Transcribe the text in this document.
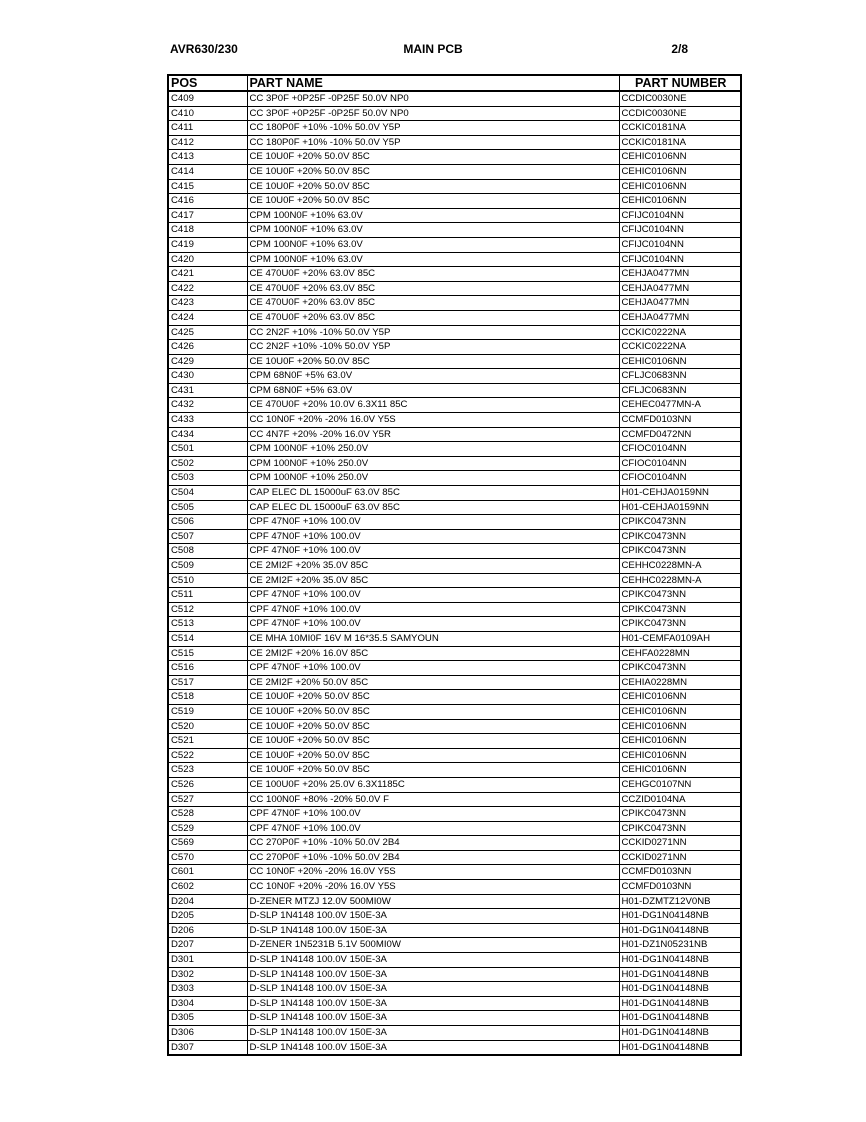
AVR630/230	MAIN PCB	2/8
POS	PART NAME	PART NUMBER
C409	CC 3P0F +0P25F -0P25F 50.0V NP0	CCDIC0030NE
C410	CC 3P0F +0P25F -0P25F 50.0V NP0	CCDIC0030NE
C411	CC 180P0F +10% -10% 50.0V Y5P	CCKIC0181NA
C412	CC 180P0F +10% -10% 50.0V Y5P	CCKIC0181NA
C413	CE 10U0F +20% 50.0V 85C	CEHIC0106NN
C414	CE 10U0F +20% 50.0V 85C	CEHIC0106NN
C415	CE 10U0F +20% 50.0V 85C	CEHIC0106NN
C416	CE 10U0F +20% 50.0V 85C	CEHIC0106NN
C417	CPM 100N0F +10% 63.0V	CFIJC0104NN
C418	CPM 100N0F +10% 63.0V	CFIJC0104NN
C419	CPM 100N0F +10% 63.0V	CFIJC0104NN
C420	CPM 100N0F +10% 63.0V	CFIJC0104NN
C421	CE 470U0F +20% 63.0V 85C	CEHJA0477MN
C422	CE 470U0F +20% 63.0V 85C	CEHJA0477MN
C423	CE 470U0F +20% 63.0V 85C	CEHJA0477MN
C424	CE 470U0F +20% 63.0V 85C	CEHJA0477MN
C425	CC 2N2F +10% -10% 50.0V Y5P	CCKIC0222NA
C426	CC 2N2F +10% -10% 50.0V Y5P	CCKIC0222NA
C429	CE 10U0F +20% 50.0V 85C	CEHIC0106NN
C430	CPM 68N0F +5% 63.0V	CFLJC0683NN
C431	CPM 68N0F +5% 63.0V	CFLJC0683NN
C432	CE 470U0F +20% 10.0V 6.3X11 85C	CEHEC0477MN-A
C433	CC 10N0F +20% -20% 16.0V Y5S	CCMFD0103NN
C434	CC 4N7F +20% -20% 16.0V Y5R	CCMFD0472NN
C501	CPM 100N0F +10% 250.0V	CFIOC0104NN
C502	CPM 100N0F +10% 250.0V	CFIOC0104NN
C503	CPM 100N0F +10% 250.0V	CFIOC0104NN
C504	CAP ELEC DL 15000uF 63.0V 85C	H01-CEHJA0159NN
C505	CAP ELEC DL 15000uF 63.0V 85C	H01-CEHJA0159NN
C506	CPF 47N0F +10% 100.0V	CPIKC0473NN
C507	CPF 47N0F +10% 100.0V	CPIKC0473NN
C508	CPF 47N0F +10% 100.0V	CPIKC0473NN
C509	CE 2MI2F +20% 35.0V 85C	CEHHC0228MN-A
C510	CE 2MI2F +20% 35.0V 85C	CEHHC0228MN-A
C511	CPF 47N0F +10% 100.0V	CPIKC0473NN
C512	CPF 47N0F +10% 100.0V	CPIKC0473NN
C513	CPF 47N0F +10% 100.0V	CPIKC0473NN
C514	CE MHA 10MI0F 16V M 16*35.5 SAMYOUN	H01-CEMFA0109AH
C515	CE 2MI2F +20% 16.0V 85C	CEHFA0228MN
C516	CPF 47N0F +10% 100.0V	CPIKC0473NN
C517	CE 2MI2F +20% 50.0V 85C	CEHIA0228MN
C518	CE 10U0F +20% 50.0V 85C	CEHIC0106NN
C519	CE 10U0F +20% 50.0V 85C	CEHIC0106NN
C520	CE 10U0F +20% 50.0V 85C	CEHIC0106NN
C521	CE 10U0F +20% 50.0V 85C	CEHIC0106NN
C522	CE 10U0F +20% 50.0V 85C	CEHIC0106NN
C523	CE 10U0F +20% 50.0V 85C	CEHIC0106NN
C526	CE 100U0F +20% 25.0V 6.3X1185C	CEHGC0107NN
C527	CC 100N0F +80% -20% 50.0V F	CCZID0104NA
C528	CPF 47N0F +10% 100.0V	CPIKC0473NN
C529	CPF 47N0F +10% 100.0V	CPIKC0473NN
C569	CC 270P0F +10% -10% 50.0V 2B4	CCKID0271NN
C570	CC 270P0F +10% -10% 50.0V 2B4	CCKID0271NN
C601	CC 10N0F +20% -20% 16.0V Y5S	CCMFD0103NN
C602	CC 10N0F +20% -20% 16.0V Y5S	CCMFD0103NN
D204	D-ZENER MTZJ 12.0V 500MI0W	H01-DZMTZ12V0NB
D205	D-SLP 1N4148 100.0V 150E-3A	H01-DG1N04148NB
D206	D-SLP 1N4148 100.0V 150E-3A	H01-DG1N04148NB
D207	D-ZENER 1N5231B 5.1V 500MI0W	H01-DZ1N05231NB
D301	D-SLP 1N4148 100.0V 150E-3A	H01-DG1N04148NB
D302	D-SLP 1N4148 100.0V 150E-3A	H01-DG1N04148NB
D303	D-SLP 1N4148 100.0V 150E-3A	H01-DG1N04148NB
D304	D-SLP 1N4148 100.0V 150E-3A	H01-DG1N04148NB
D305	D-SLP 1N4148 100.0V 150E-3A	H01-DG1N04148NB
D306	D-SLP 1N4148 100.0V 150E-3A	H01-DG1N04148NB
D307	D-SLP 1N4148 100.0V 150E-3A	H01-DG1N04148NB
